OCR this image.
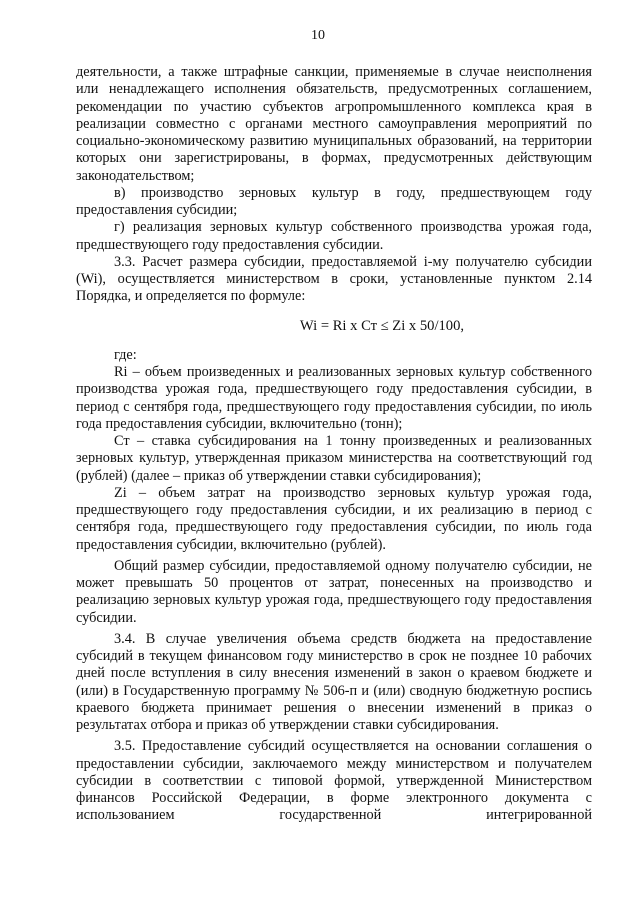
10

деятельности, а также штрафные санкции, применяемые в случае неисполнения или ненадлежащего исполнения обязательств, предусмотренных соглашением, рекомендации по участию субъектов агропромышленного комплекса края в реализации совместно с органами местного самоуправления мероприятий по социально-экономическому развитию муниципальных образований, на территории которых они зарегистрированы, в формах, предусмотренных действующим законодательством;

в) производство зерновых культур в году, предшествующем году предоставления субсидии;

г) реализация зерновых культур собственного производства урожая года, предшествующего году предоставления субсидии.

3.3. Расчет размера субсидии, предоставляемой i-му получателю субсидии (Wi), осуществляется министерством в сроки, установленные пунктом 2.14 Порядка, и определяется по формуле:

Wi = Ri x Ст ≤ Zi x 50/100,

где:

Ri – объем произведенных и реализованных зерновых культур собственного производства урожая года, предшествующего году предоставления субсидии, в период с сентября года, предшествующего году предоставления субсидии, по июль года предоставления субсидии, включительно (тонн);

Ст – ставка субсидирования на 1 тонну произведенных и реализованных зерновых культур, утвержденная приказом министерства на соответствующий год (рублей) (далее – приказ об утверждении ставки субсидирования);

Zi – объем затрат на производство зерновых культур урожая года, предшествующего году предоставления субсидии, и их реализацию в период с сентября года, предшествующего году предоставления субсидии, по июль года предоставления субсидии, включительно (рублей).

Общий размер субсидии, предоставляемой одному получателю субсидии, не может превышать 50 процентов от затрат, понесенных на производство и реализацию зерновых культур урожая года, предшествующего году предоставления субсидии.

3.4. В случае увеличения объема средств бюджета на предоставление субсидий в текущем финансовом году министерство в срок не позднее 10 рабочих дней после вступления в силу внесения изменений в закон о краевом бюджете и (или) в Государственную программу № 506-п и (или) сводную бюджетную роспись краевого бюджета принимает решения о внесении изменений в приказ о результатах отбора и приказ об утверждении ставки субсидирования.

3.5. Предоставление субсидий осуществляется на основании соглашения о предоставлении субсидии, заключаемого между министерством и получателем субсидии в соответствии с типовой формой, утвержденной Министерством финансов Российской Федерации, в форме электронного документа с использованием государственной интегрированной
